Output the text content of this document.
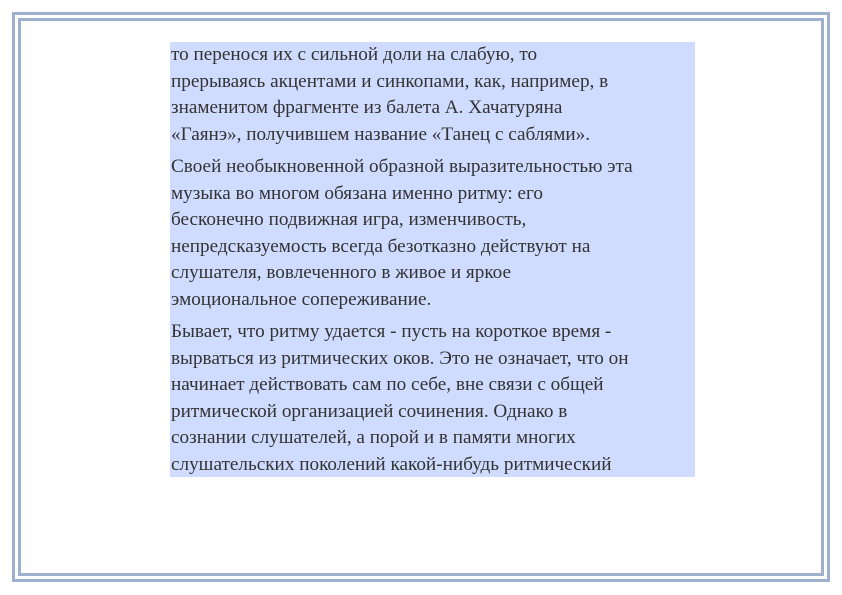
то перенося их с сильной доли на слабую, то
прерываясь акцентами и синкопами, как, например, в
знаменитом фрагменте из балета А. Хачатуряна
«Гаянэ», получившем название «Танец с саблями».

Своей необыкновенной образной выразительностью эта
музыка во многом обязана именно ритму: его
бесконечно подвижная игра, изменчивость,
непредсказуемость всегда безотказно действуют на
слушателя, вовлеченного в живое и яркое
эмоциональное сопереживание.

Бывает, что ритму удается - пусть на короткое время -
вырваться из ритмических оков. Это не означает, что он
начинает действовать сам по себе, вне связи с общей
ритмической организацией сочинения. Однако в
сознании слушателей, а порой и в памяти многих
слушательских поколений какой-нибудь ритмический
